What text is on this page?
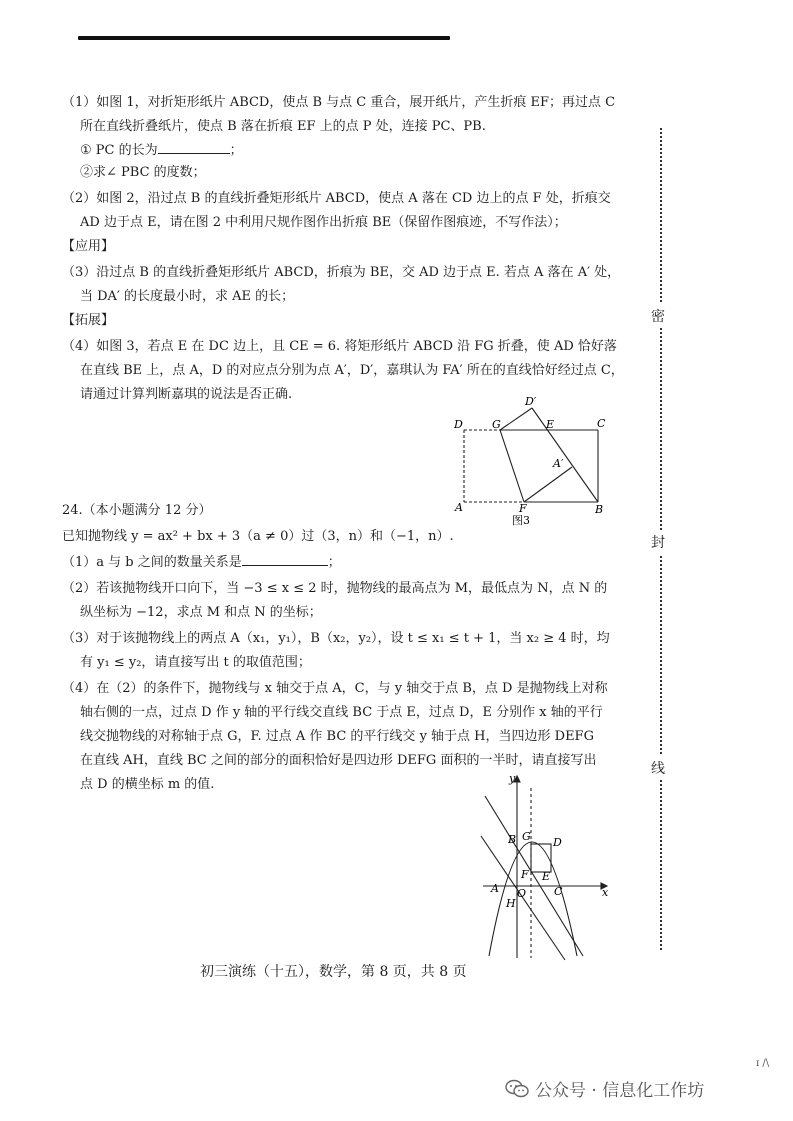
（1）如图 1，对折矩形纸片 ABCD，使点 B 与点 C 重合，展开纸片，产生折痕 EF；再过点 C
所在直线折叠纸片，使点 B 落在折痕 EF 上的点 P 处，连接 PC、PB.
① PC 的长为	；
②求∠ PBC 的度数；
（2）如图 2，沿过点 B 的直线折叠矩形纸片 ABCD，使点 A 落在 CD 边上的点 F 处，折痕交
AD 边于点 E，请在图 2 中利用尺规作图作出折痕 BE（保留作图痕迹，不写作法）；
【应用】
（3）沿过点 B 的直线折叠矩形纸片 ABCD，折痕为 BE，交 AD 边于点 E. 若点 A 落在 A′ 处，
当 DA′ 的长度最小时，求 AE 的长；
【拓展】
（4）如图 3，若点 E 在 DC 边上，且 CE = 6. 将矩形纸片 ABCD 沿 FG 折叠，使 AD 恰好落
在直线 BE 上，点 A，D 的对应点分别为点 A′，D′，嘉琪认为 FA′ 所在的直线恰好经过点 C，
请通过计算判断嘉琪的说法是否正确.
D	G
D′
E	C
A′
A	F	B
图3
24.（本小题满分 12 分）
已知抛物线 y = ax² + bx + 3（a ≠ 0）过（3，n）和（−1，n）.
（1）a 与 b 之间的数量关系是	；
（2）若该抛物线开口向下，当 −3 ≤ x ≤ 2 时，抛物线的最高点为 M，最低点为 N，点 N 的
纵坐标为 −12，求点 M 和点 N 的坐标；
（3）对于该抛物线上的两点 A（x₁，y₁），B（x₂，y₂），设 t ≤ x₁ ≤ t + 1，当 x₂ ≥ 4 时，均
有 y₁ ≤ y₂，请直接写出 t 的取值范围；
（4）在（2）的条件下，抛物线与 x 轴交于点 A，C，与 y 轴交于点 B，点 D 是抛物线上对称
轴右侧的一点，过点 D 作 y 轴的平行线交直线 BC 于点 E，过点 D，E 分别作 x 轴的平行
线交抛物线的对称轴于点 G，F. 过点 A 作 BC 的平行线交 y 轴于点 H，当四边形 DEFG
在直线 AH，直线 BC 之间的部分的面积恰好是四边形 DEFG 面积的一半时，请直接写出
点 D 的横坐标 m 的值.	y
x
B G D
F E
A O	C
H
密
封
线
初三演练（十五），数学，第 8 页，共 8 页
ɪ /\
公众号 · 信息化工作坊
